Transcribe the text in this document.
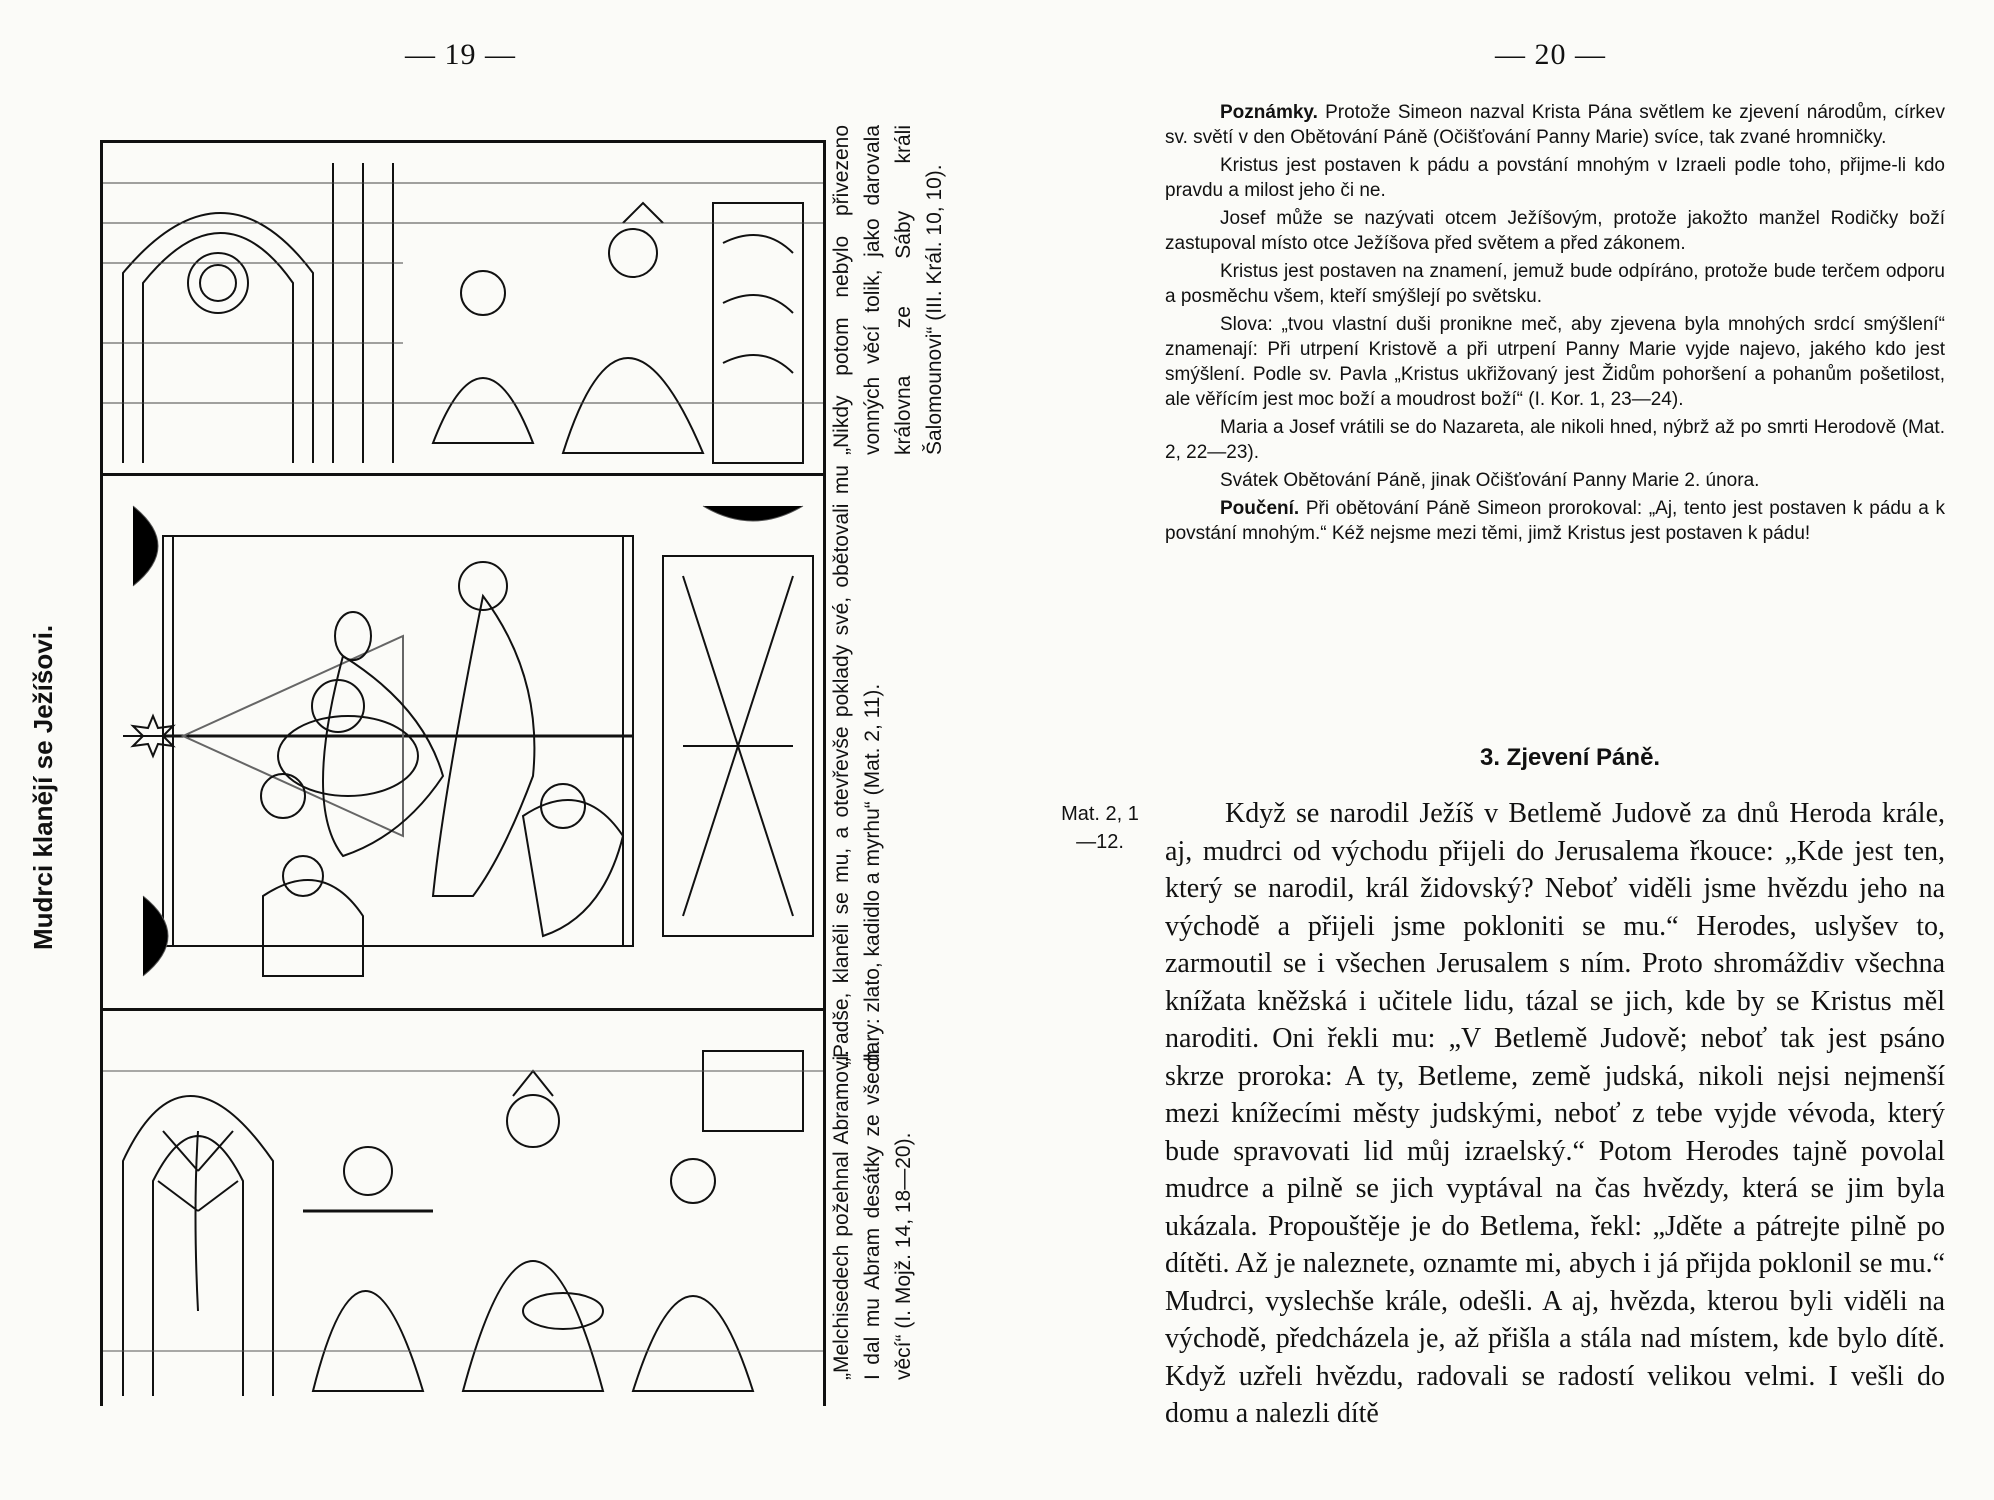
— 19 —	— 20 —
Mudrci klanějí se Ježíšovi.
„Nikdy potom nebylo přivezeno vonných věcí tolik, jako darovala královna ze Sáby králi Šalomounovi“ (III. Král. 10, 10).
„Padše, klaněli se mu, a otevřevše poklady své, obětovali mu dary: zlato, kadidlo a myrhu“ (Mat. 2, 11).
„Melchisedech požehnal Abramovi. I dal mu Abram desátky ze všech věcí“ (I. Mojž. 14, 18—20).

Poznámky. Protože Simeon nazval Krista Pána světlem ke zjevení národům, církev sv. světí v den Obětování Páně (Očišťování Panny Marie) svíce, tak zvané hromničky.

Kristus jest postaven k pádu a povstání mnohým v Izraeli podle toho, přijme-li kdo pravdu a milost jeho či ne.

Josef může se nazývati otcem Ježíšovým, protože jakožto manžel Rodičky boží zastupoval místo otce Ježíšova před světem a před zákonem.

Kristus jest postaven na znamení, jemuž bude odpíráno, protože bude terčem odporu a posměchu všem, kteří smýšlejí po světsku.

Slova: „tvou vlastní duši pronikne meč, aby zjevena byla mnohých srdcí smýšlení“ znamenají: Při utrpení Kristově a při utrpení Panny Marie vyjde najevo, jakého kdo jest smýšlení. Podle sv. Pavla „Kristus ukřižovaný jest Židům pohoršení a pohanům pošetilost, ale věřícím jest moc boží a moudrost boží“ (I. Kor. 1, 23—24).

Maria a Josef vrátili se do Nazareta, ale nikoli hned, nýbrž až po smrti Herodově (Mat. 2, 22—23).

Svátek Obětování Páně, jinak Očišťování Panny Marie 2. února.

Poučení. Při obětování Páně Simeon prorokoval: „Aj, tento jest postaven k pádu a k povstání mnohým.“ Kéž nejsme mezi těmi, jimž Kristus jest postaven k pádu!

3. Zjevení Páně.
Mat. 2, 1—12.

Když se narodil Ježíš v Betlemě Judově za dnů Heroda krále, aj, mudrci od východu přijeli do Jerusalema řkouce: „Kde jest ten, který se narodil, král židovský? Neboť viděli jsme hvězdu jeho na východě a přijeli jsme pokloniti se mu.“ Herodes, uslyšev to, zarmoutil se i všechen Jerusalem s ním. Proto shromáždiv všechna knížata kněžská i učitele lidu, tázal se jich, kde by se Kristus měl naroditi. Oni řekli mu: „V Betlemě Judově; neboť tak jest psáno skrze proroka: A ty, Betleme, země judská, nikoli nejsi nejmenší mezi knížecími městy judskými, neboť z tebe vyjde vévoda, který bude spravovati lid můj izraelský.“ Potom Herodes tajně povolal mudrce a pilně se jich vyptával na čas hvězdy, která se jim byla ukázala. Propouštěje je do Betlema, řekl: „Jděte a pátrejte pilně po dítěti. Až je naleznete, oznamte mi, abych i já přijda poklonil se mu.“ Mudrci, vyslechše krále, odešli. A aj, hvězda, kterou byli viděli na východě, předcházela je, až přišla a stála nad místem, kde bylo dítě. Když uzřeli hvězdu, radovali se radostí velikou velmi. I vešli do domu a nalezli dítě
